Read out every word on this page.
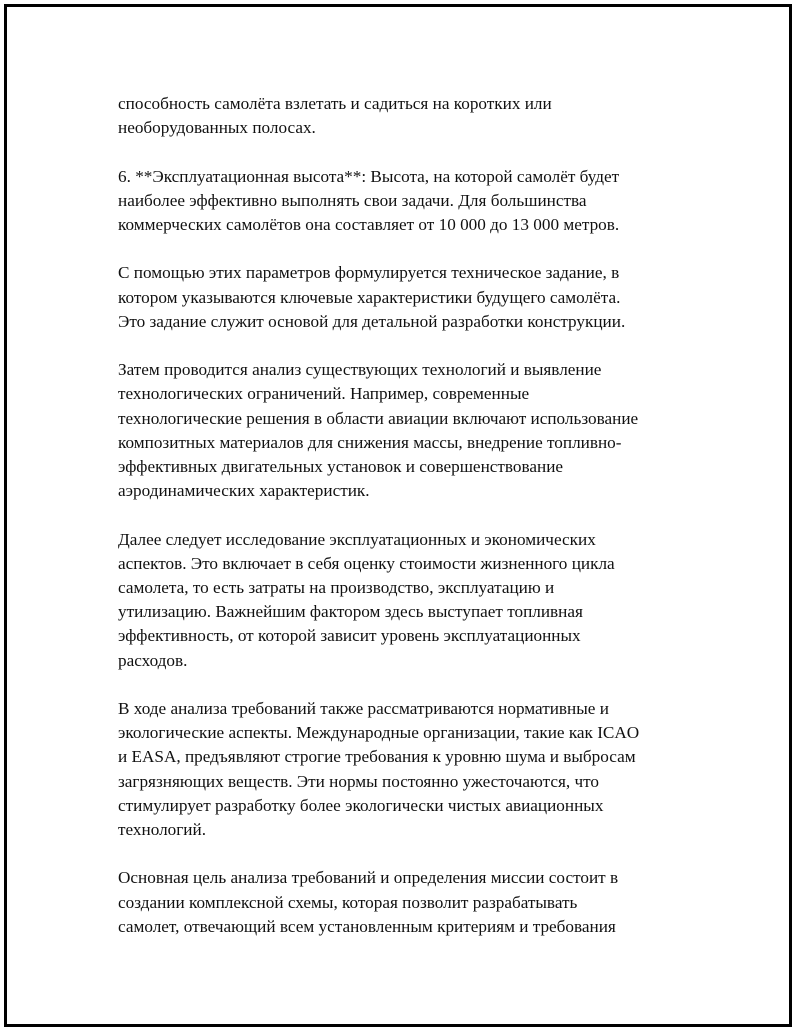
способность самолёта взлетать и садиться на коротких или
необорудованных полосах.

6. **Эксплуатационная высота**: Высота, на которой самолёт будет
наиболее эффективно выполнять свои задачи. Для большинства
коммерческих самолётов она составляет от 10 000 до 13 000 метров.

С помощью этих параметров формулируется техническое задание, в
котором указываются ключевые характеристики будущего самолёта.
Это задание служит основой для детальной разработки конструкции.

Затем проводится анализ существующих технологий и выявление
технологических ограничений. Например, современные
технологические решения в области авиации включают использование
композитных материалов для снижения массы, внедрение топливно-
эффективных двигательных установок и совершенствование
аэродинамических характеристик.

Далее следует исследование эксплуатационных и экономических
аспектов. Это включает в себя оценку стоимости жизненного цикла
самолета, то есть затраты на производство, эксплуатацию и
утилизацию. Важнейшим фактором здесь выступает топливная
эффективность, от которой зависит уровень эксплуатационных
расходов.

В ходе анализа требований также рассматриваются нормативные и
экологические аспекты. Международные организации, такие как ICAO
и EASA, предъявляют строгие требования к уровню шума и выбросам
загрязняющих веществ. Эти нормы постоянно ужесточаются, что
стимулирует разработку более экологически чистых авиационных
технологий.

Основная цель анализа требований и определения миссии состоит в
создании комплексной схемы, которая позволит разрабатывать
самолет, отвечающий всем установленным критериям и требования
